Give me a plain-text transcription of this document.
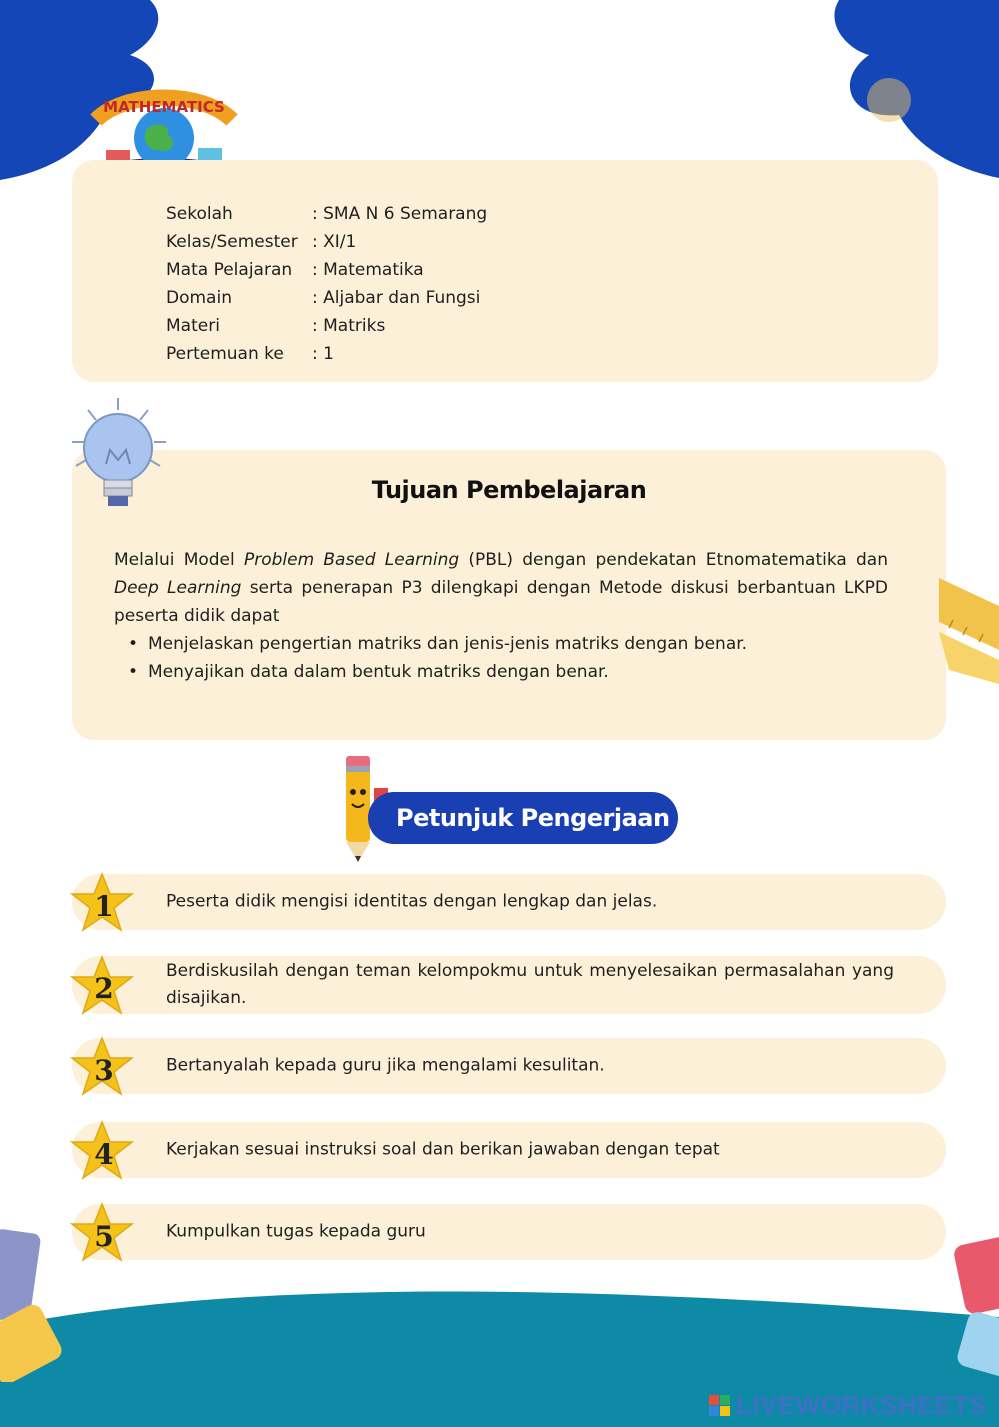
MATHEMATICS
Sekolah	: SMA N 6 Semarang
Kelas/Semester : XI/1
Mata Pelajaran	: Matematika
Domain	: Aljabar dan Fungsi
Materi	: Matriks
Pertemuan ke	: 1
Tujuan Pembelajaran

Melalui Model Problem Based Learning (PBL) dengan pendekatan Etnomatematika dan Deep Learning serta penerapan P3 dilengkapi dengan Metode diskusi berbantuan LKPD peserta didik dapat

• Menjelaskan pengertian matriks dan jenis-jenis matriks dengan benar.
• Menyajikan data dalam bentuk matriks dengan benar.
Petunjuk Pengerjaan
1	Peserta didik mengisi identitas dengan lengkap dan jelas.
2
Berdiskusilah dengan teman kelompokmu untuk menyelesaikan permasalahan yang disajikan.
3	Bertanyalah kepada guru jika mengalami kesulitan.
4	Kerjakan sesuai instruksi soal dan berikan jawaban dengan tepat
5	Kumpulkan tugas kepada guru
LIVEWORKSHEETS
